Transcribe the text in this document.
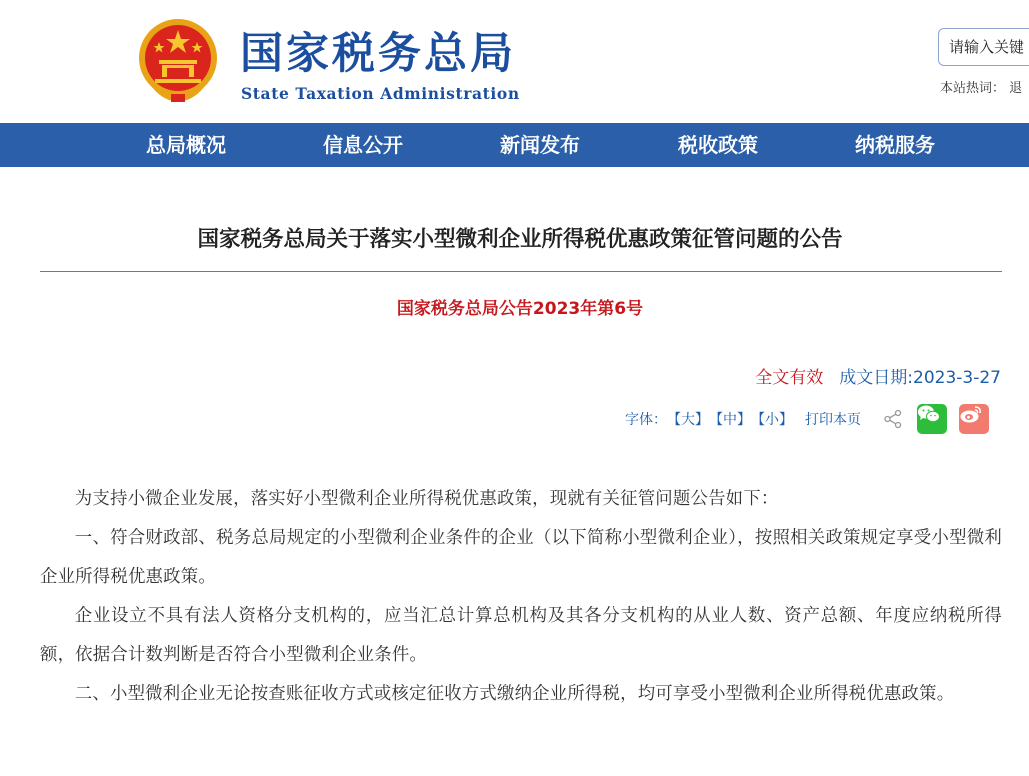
国家税务总局
State Taxation Administration
请输入关键	本站热词： 退
总局概况	信息公开	新闻发布	税收政策	纳税服务
国家税务总局关于落实小型微利企业所得税优惠政策征管问题的公告
国家税务总局公告2023年第6号
全文有效 成文日期:2023-3-27
字体： 【大】 【中】 【小】 打印本页

为支持小微企业发展，落实好小型微利企业所得税优惠政策，现就有关征管问题公告如下：

一、符合财政部、税务总局规定的小型微利企业条件的企业（以下简称小型微利企业），按照相关政策规定享受小型微利企业所得税优惠政策。

企业设立不具有法人资格分支机构的，应当汇总计算总机构及其各分支机构的从业人数、资产总额、年度应纳税所得额，依据合计数判断是否符合小型微利企业条件。

二、小型微利企业无论按查账征收方式或核定征收方式缴纳企业所得税，均可享受小型微利企业所得税优惠政策。
